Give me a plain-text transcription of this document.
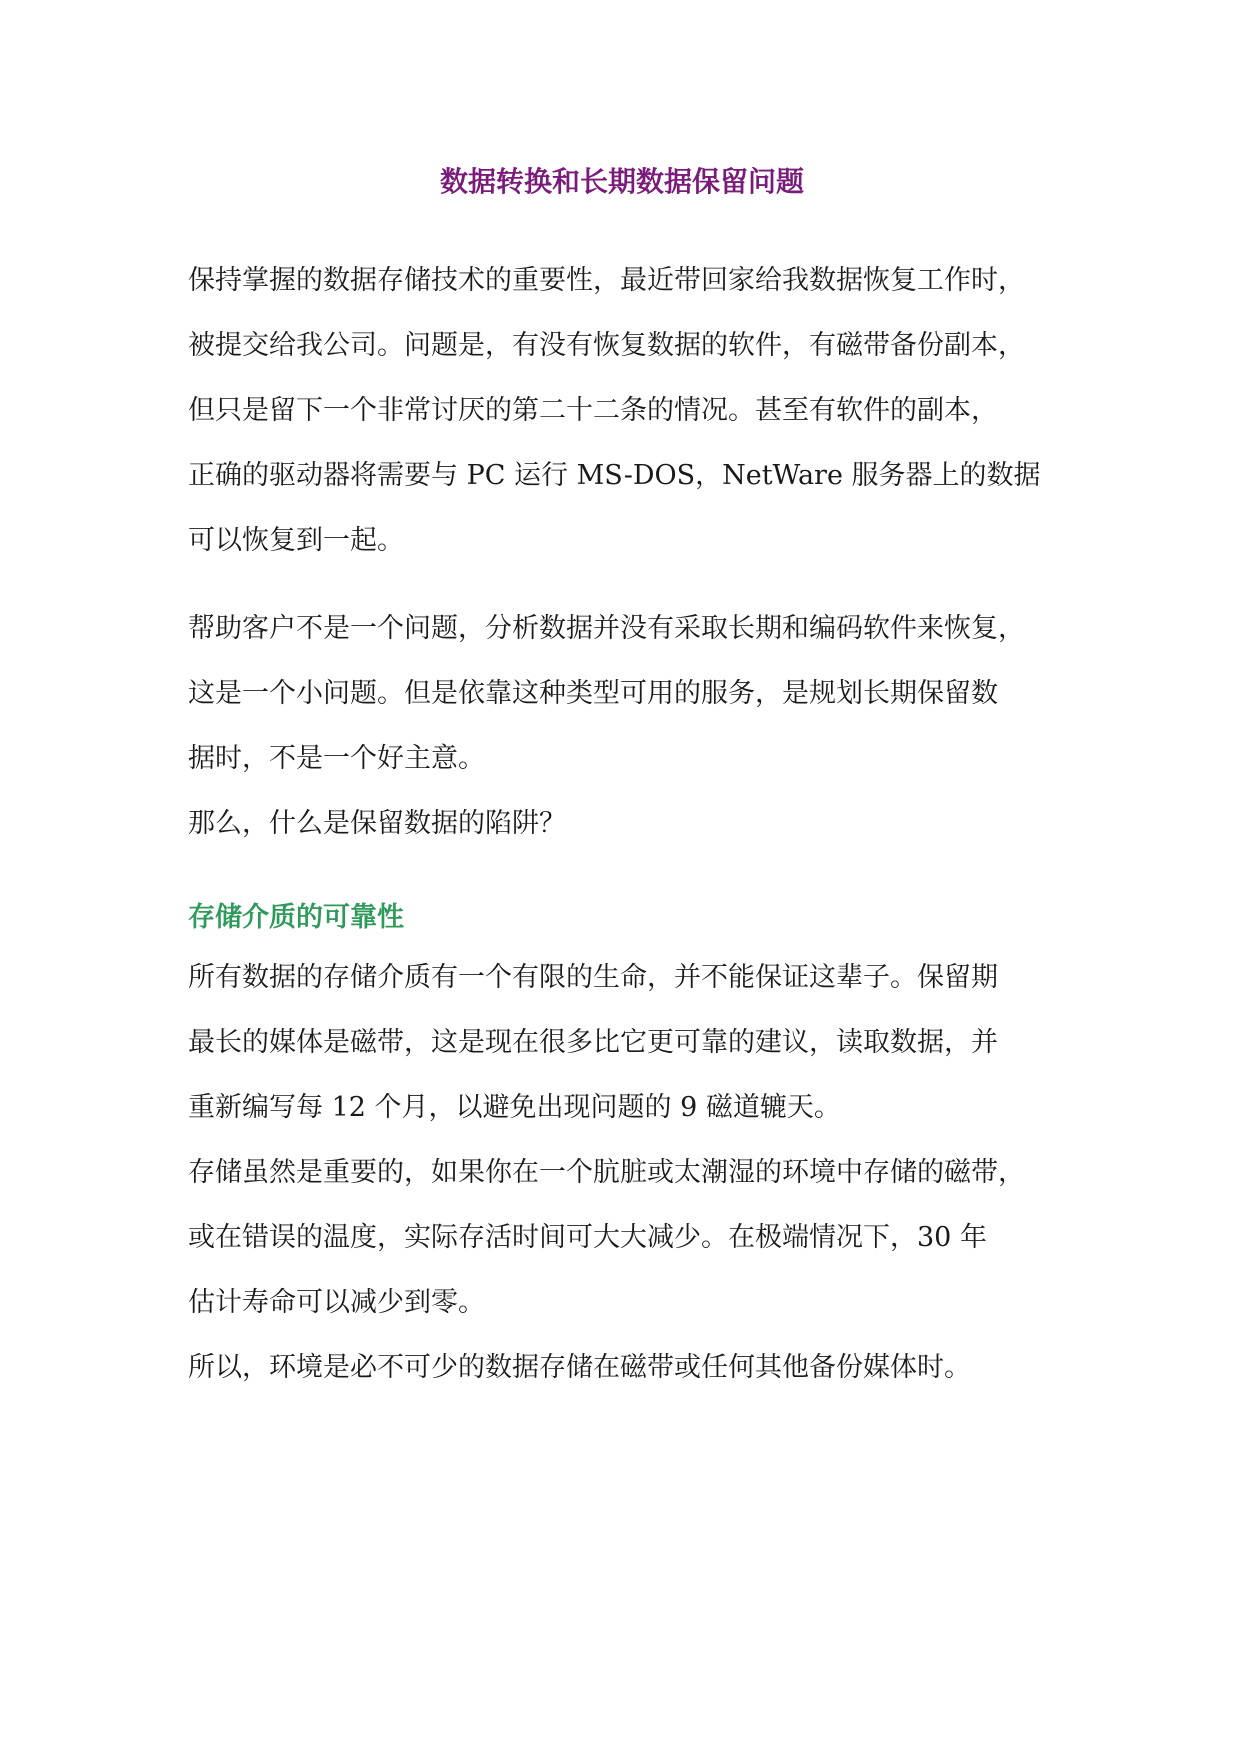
数据转换和长期数据保留问题

保持掌握的数据存储技术的重要性，最近带回家给我数据恢复工作时，
被提交给我公司。问题是，有没有恢复数据的软件，有磁带备份副本，
但只是留下一个非常讨厌的第二十二条的情况。甚至有软件的副本，
正确的驱动器将需要与 PC 运行 MS-DOS，NetWare 服务器上的数据
可以恢复到一起。

帮助客户不是一个问题，分析数据并没有采取长期和编码软件来恢复，
这是一个小问题。但是依靠这种类型可用的服务，是规划长期保留数
据时，不是一个好主意。

那么，什么是保留数据的陷阱？

存储介质的可靠性

所有数据的存储介质有一个有限的生命，并不能保证这辈子。保留期
最长的媒体是磁带，这是现在很多比它更可靠的建议，读取数据，并
重新编写每 12 个月，以避免出现问题的 9 磁道辘天。

存储虽然是重要的，如果你在一个肮脏或太潮湿的环境中存储的磁带，
或在错误的温度，实际存活时间可大大减少。在极端情况下，30 年
估计寿命可以减少到零。

所以，环境是必不可少的数据存储在磁带或任何其他备份媒体时。
